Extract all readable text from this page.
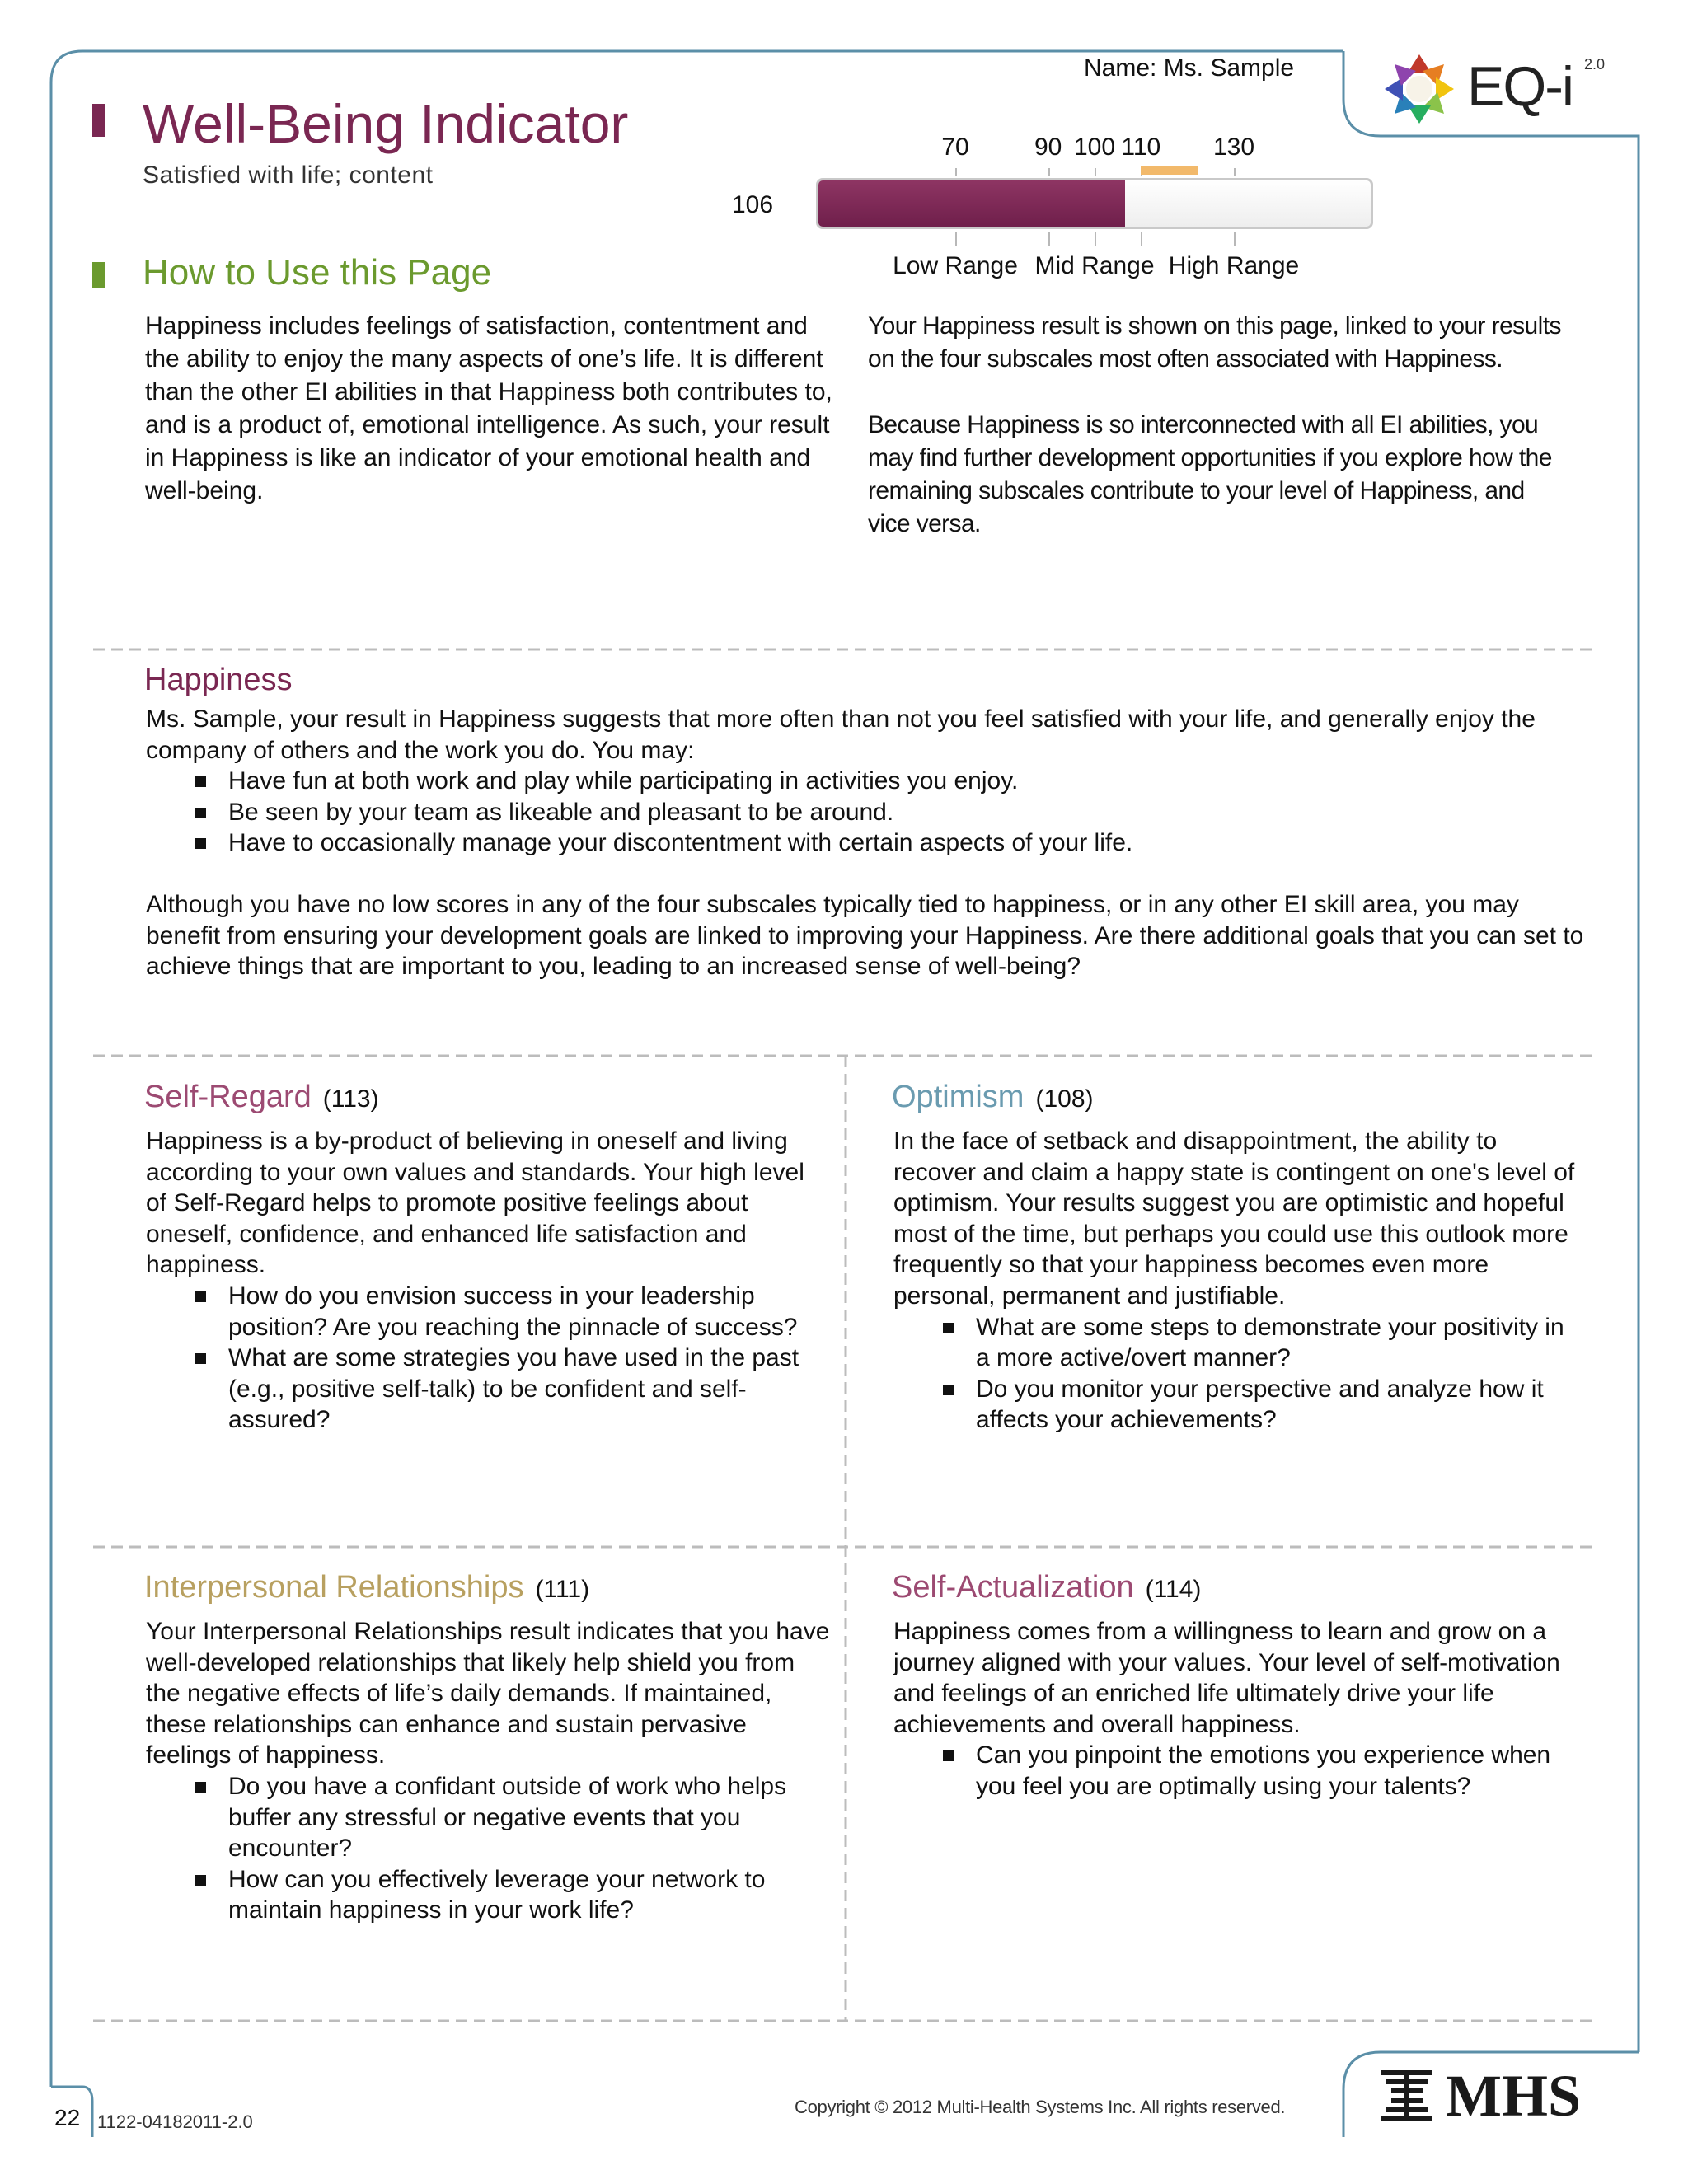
Name: Ms. Sample	EQ-i 2.0
Well-Being Indicator
Satisfied with life; content
70	90 100 110 130
106
Low Range Mid Range High Range
How to Use this Page
Happiness includes feelings of satisfaction, contentment and the ability to enjoy the many aspects of one’s life. It is different than the other EI abilities in that Happiness both contributes to, and is a product of, emotional intelligence. As such, your result in Happiness is like an indicator of your emotional health and well-being.

Your Happiness result is shown on this page, linked to your results on the four subscales most often associated with Happiness.

Because Happiness is so interconnected with all EI abilities, you may find further development opportunities if you explore how the remaining subscales contribute to your level of Happiness, and vice versa.

Happiness

Ms. Sample, your result in Happiness suggests that more often than not you feel satisfied with your life, and generally enjoy the company of others and the work you do. You may:

Have fun at both work and play while participating in activities you enjoy.
Be seen by your team as likeable and pleasant to be around.
Have to occasionally manage your discontentment with certain aspects of your life.

Although you have no low scores in any of the four subscales typically tied to happiness, or in any other EI skill area, you may benefit from ensuring your development goals are linked to improving your Happiness. Are there additional goals that you can set to achieve things that are important to you, leading to an increased sense of well-being?

Self-Regard (113)

Happiness is a by-product of believing in oneself and living according to your own values and standards. Your high level of Self-Regard helps to promote positive feelings about oneself, confidence, and enhanced life satisfaction and happiness.

How do you envision success in your leadership position? Are you reaching the pinnacle of success?
What are some strategies you have used in the past (e.g., positive self-talk) to be confident and self-assured?
Optimism (108)

In the face of setback and disappointment, the ability to recover and claim a happy state is contingent on one's level of optimism. Your results suggest you are optimistic and hopeful most of the time, but perhaps you could use this outlook more frequently so that your happiness becomes even more personal, permanent and justifiable.

What are some steps to demonstrate your positivity in a more active/overt manner?
Do you monitor your perspective and analyze how it affects your achievements?
Interpersonal Relationships (111)

Your Interpersonal Relationships result indicates that you have well-developed relationships that likely help shield you from the negative effects of life’s daily demands. If maintained, these relationships can enhance and sustain pervasive feelings of happiness.

Do you have a confidant outside of work who helps buffer any stressful or negative events that you encounter?
How can you effectively leverage your network to maintain happiness in your work life?
Self-Actualization (114)

Happiness comes from a willingness to learn and grow on a journey aligned with your values. Your level of self-motivation and feelings of an enriched life ultimately drive your life achievements and overall happiness.

Can you pinpoint the emotions you experience when you feel you are optimally using your talents?
22 1122-04182011-2.0
Copyright © 2012 Multi-Health Systems Inc. All rights reserved.	MHS
